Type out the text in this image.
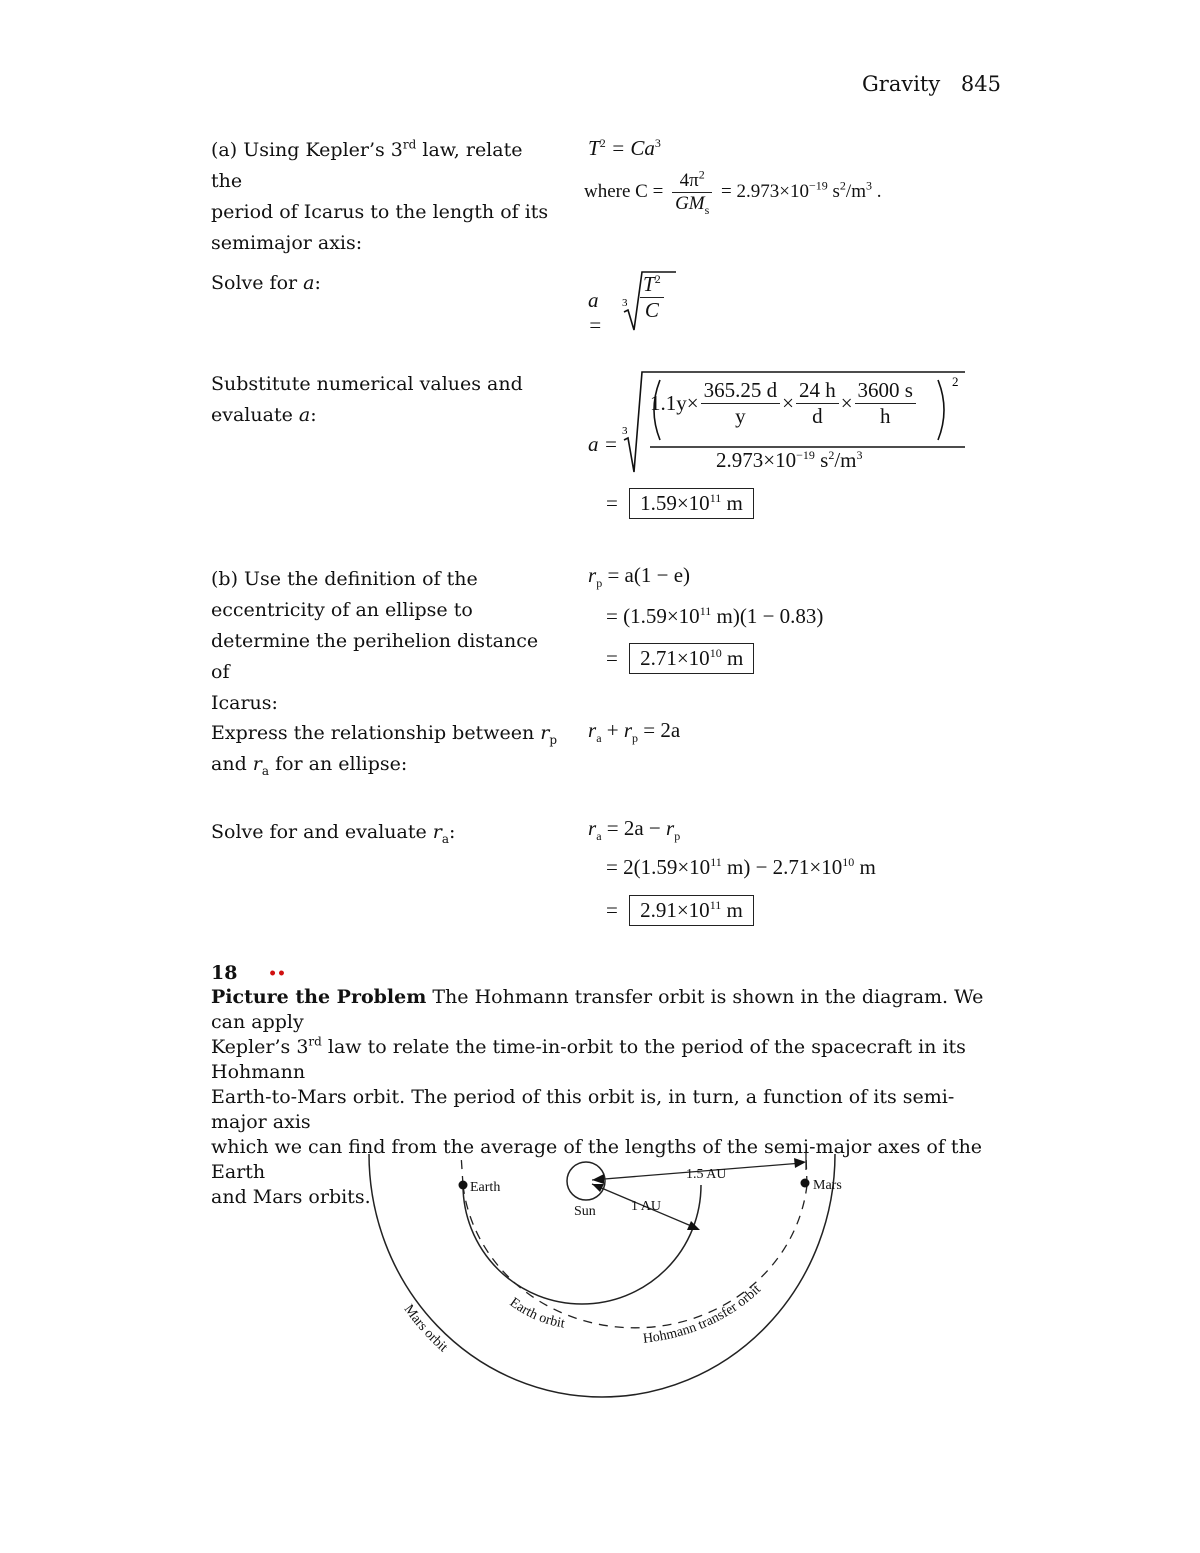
Gravity 845
(a) Using Kepler’s 3rd law, relate the
period of Icarus to the length of its
semimajor axis:
$T^2 = Ca^3$
where $C = \frac{4\pi^2}{GM_s} = 2.973\times 10^{-19}$ $s^2/m^3$ .
Solve for a:
a =
$3 \frac{T^2}{C}$
Substitute numerical values and
evaluate a:
a =
3
2
$1.1y\times \frac{365.25 d}{y} \times \frac{24 h}{d} \times \frac{3600 s}{h}$
$2.973\times 10^{-19}$ $s^2/m^3$
= $1.59\times 10^{11}$ m
(b) Use the definition of the
eccentricity of an ellipse to
determine the perihelion distance of
Icarus:
$r_p = a(1 - e)$
= ($1.59\times 10^{11}$ m)(1 − 0.83)
= $2.71\times 10^{10}$ m
Express the relationship between $r_p$
and $r_a$ for an ellipse:
$r_a + r_p = 2a$
Solve for and evaluate $r_a$:	$r_a = 2a - r_p$
= $2(1.59\times 10^{11}$ $m) - 2.71\times 10^{10}$ m
= $2.91\times 10^{11}$ m
18 ••
Picture the Problem The Hohmann transfer orbit is shown in the diagram. We can apply
Kepler’s 3rd law to relate the time-in-orbit to the period of the spacecraft in its Hohmann
Earth-to-Mars orbit. The period of this orbit is, in turn, a function of its semi-major axis
which we can find from the average of the lengths of the semi-major axes of the Earth
and Mars orbits.	Earth	Mars
Sun
1.5 AU
1 AU
Earth orbit
Hohmann transfer orbit
Mars orbit
